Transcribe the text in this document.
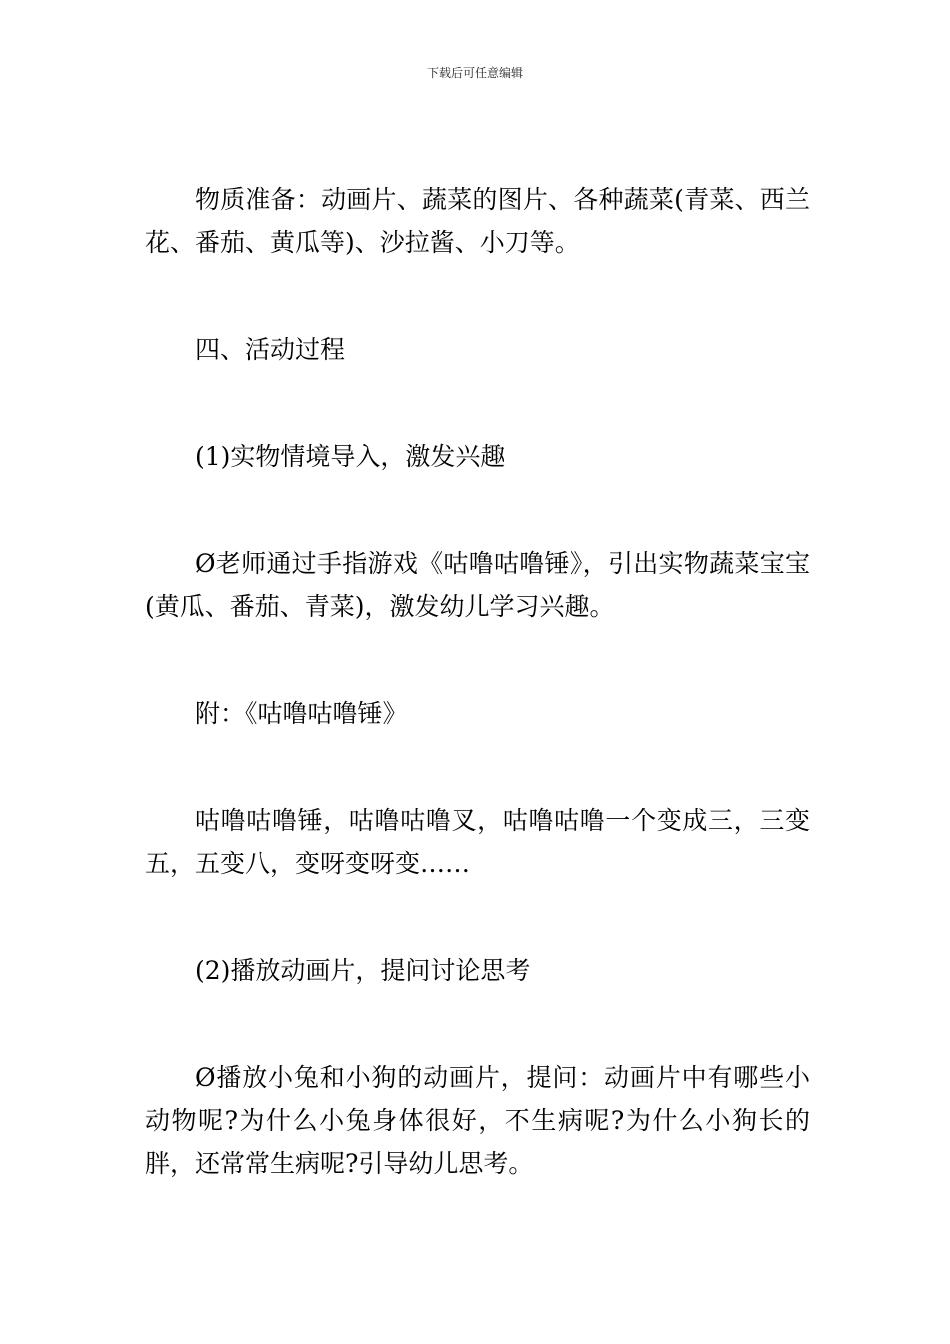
下载后可任意编辑

物质准备：动画片、蔬菜的图片、各种蔬菜(青菜、西兰花、番茄、黄瓜等)、沙拉酱、小刀等。

四、活动过程

(1)实物情境导入，激发兴趣

Ø老师通过手指游戏《咕噜咕噜锤》，引出实物蔬菜宝宝(黄瓜、番茄、青菜)，激发幼儿学习兴趣。

附：《咕噜咕噜锤》

咕噜咕噜锤，咕噜咕噜叉，咕噜咕噜一个变成三，三变五，五变八，变呀变呀变……

(2)播放动画片，提问讨论思考

Ø播放小兔和小狗的动画片，提问：动画片中有哪些小动物呢?为什么小兔身体很好，不生病呢?为什么小狗长的胖，还常常生病呢?引导幼儿思考。
